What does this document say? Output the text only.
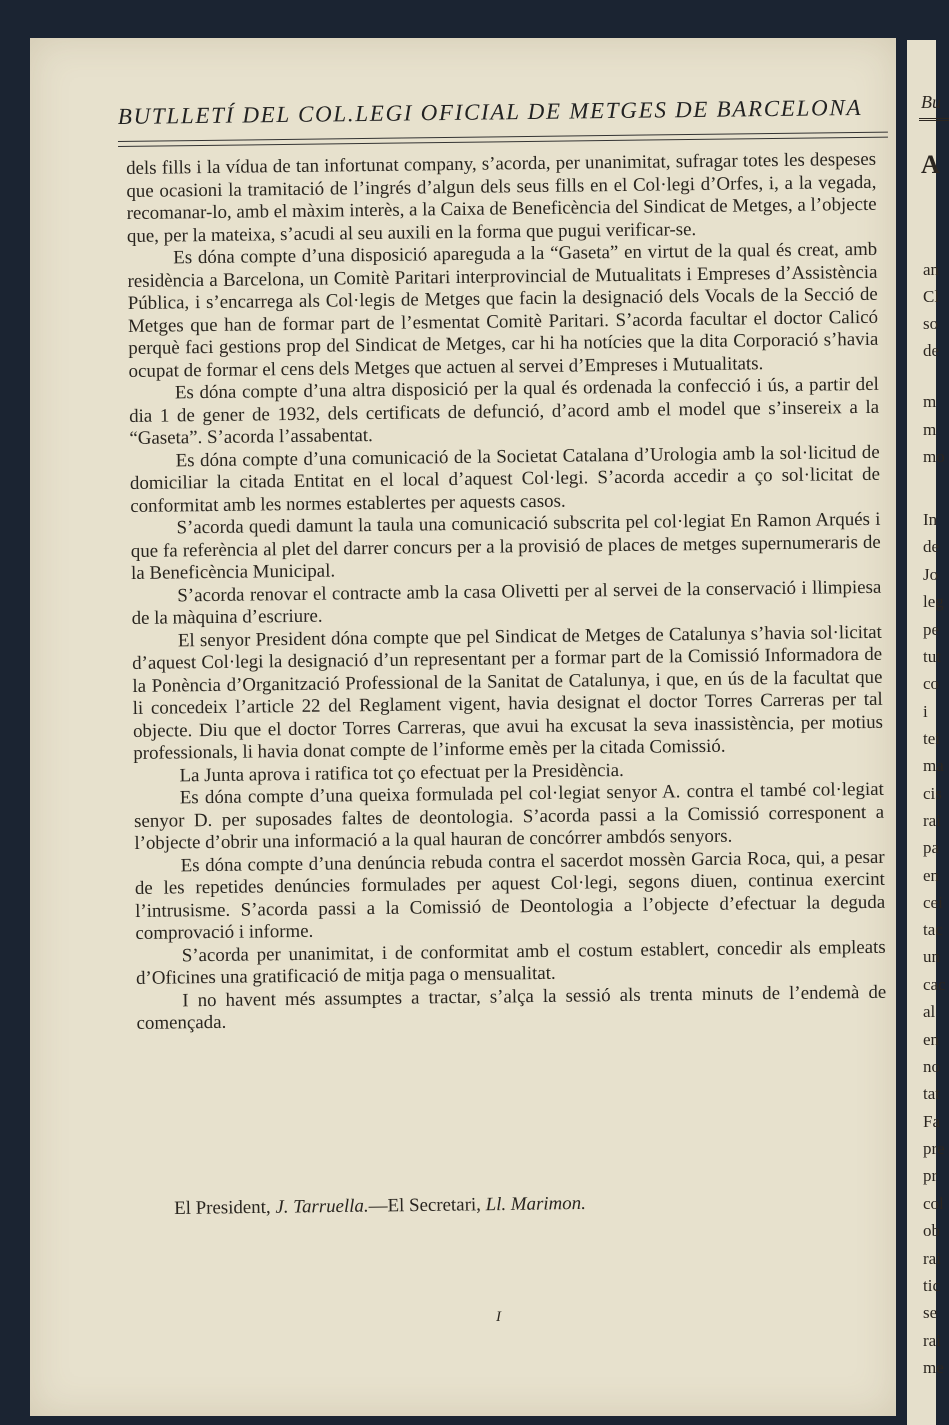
BUTLLETÍ DEL COL.LEGI OFICIAL DE METGES DE BARCELONA

dels fills i la vídua de tan infortunat company, s’acorda, per unanimitat, sufragar totes les despeses que ocasioni la tramitació de l’ingrés d’algun dels seus fills en el Col·legi d’Orfes, i, a la vegada, recomanar-lo, amb el màxim interès, a la Caixa de Beneficència del Sindicat de Metges, a l’objecte que, per la mateixa, s’acudi al seu auxili en la forma que pugui verificar-se.

Es dóna compte d’una disposició apareguda a la “Gaseta” en virtut de la qual és creat, amb residència a Barcelona, un Comitè Paritari interprovincial de Mutualitats i Empreses d’Assistència Pública, i s’encarrega als Col·legis de Metges que facin la designació dels Vocals de la Secció de Metges que han de formar part de l’esmentat Comitè Paritari. S’acorda facultar el doctor Calicó perquè faci gestions prop del Sindicat de Metges, car hi ha notícies que la dita Corporació s’havia ocupat de formar el cens dels Metges que actuen al servei d’Empreses i Mutualitats.

Es dóna compte d’una altra disposició per la qual és ordenada la confecció i ús, a partir del dia 1 de gener de 1932, dels certificats de defunció, d’acord amb el model que s’insereix a la “Gaseta”. S’acorda l’assabentat.

Es dóna compte d’una comunicació de la Societat Catalana d’Urologia amb la sol·licitud de domiciliar la citada Entitat en el local d’aquest Col·legi. S’acorda accedir a ço sol·licitat de conformitat amb les normes establertes per aquests casos.

S’acorda quedi damunt la taula una comunicació subscrita pel col·legiat En Ramon Arqués i que fa referència al plet del darrer concurs per a la provisió de places de metges supernumeraris de la Beneficència Municipal.

S’acorda renovar el contracte amb la casa Olivetti per al servei de la conservació i llimpiesa de la màquina d’escriure.

El senyor President dóna compte que pel Sindicat de Metges de Catalunya s’havia sol·licitat d’aquest Col·legi la designació d’un representant per a formar part de la Comissió Informadora de la Ponència d’Organització Professional de la Sanitat de Catalunya, i que, en ús de la facultat que li concedeix l’article 22 del Reglament vigent, havia designat el doctor Torres Carreras per tal objecte. Diu que el doctor Torres Carreras, que avui ha excusat la seva inassistència, per motius professionals, li havia donat compte de l’informe emès per la citada Comissió.

La Junta aprova i ratifica tot ço efectuat per la Presidència.

Es dóna compte d’una queixa formulada pel col·legiat senyor A. contra el també col·legiat senyor D. per suposades faltes de deontologia. S’acorda passi a la Comissió corresponent a l’objecte d’obrir una informació a la qual hauran de concórrer ambdós senyors.

Es dóna compte d’una denúncia rebuda contra el sacerdot mossèn Garcia Roca, qui, a pesar de les repetides denúncies formulades per aquest Col·legi, segons diuen, continua exercint l’intrusisme. S’acorda passi a la Comissió de Deontologia a l’objecte d’efectuar la deguda comprovació i informe.

S’acorda per unanimitat, i de conformitat amb el costum establert, concedir als empleats d’Oficines una gratificació de mitja paga o mensualitat.

I no havent més assumptes a tractar, s’alça la sessió als trenta minuts de l’endemà de començada.

El President, J. Tarruella.—El Secretari, Ll. Marimon.
I
Bu
A
an
Cl
so
de
m
m
mo
In
de
Jo
leg
pe
tut
co
i
tei
ma
cis
rai
pa
en
cei
tac
un
cac
al
en
no
tat
Fa
pre
pr
col
ob
rai
tic
se
rai
me
